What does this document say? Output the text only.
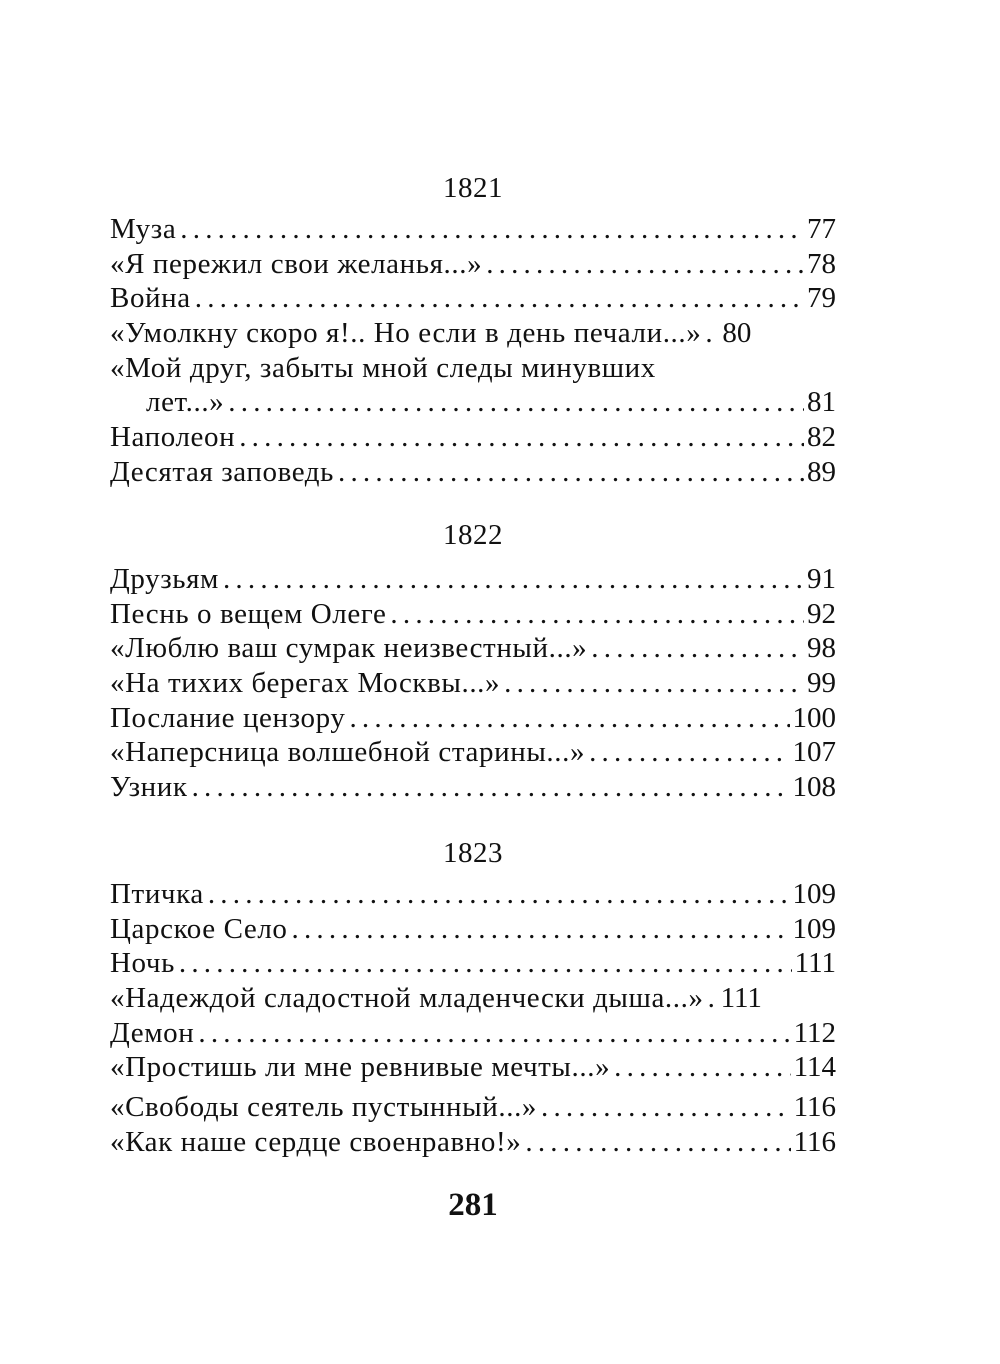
1821
Муза .....	77
«Я пережил свои желанья...» .....	78
Война .....	79
«Умолкну скоро я!.. Но если в день печали...» ..... 80
«Мой друг, забыты мной следы минувших
лет...» .....	81
Наполеон .....	82
Десятая заповедь .....	89
1822
Друзьям .....	91
Песнь о вещем Олеге .....	92
«Люблю ваш сумрак неизвестный...» .....	98
«На тихих берегах Москвы...» .....	99
Послание цензору .....	100
«Наперсница волшебной старины...» .....	107
Узник .....	108
1823
Птичка .....	109
Царское Село .....	109
Ночь .....	111
«Надеждой сладостной младенчески дыша...» ..... 111
Демон .....	112
«Простишь ли мне ревнивые мечты...» .....	114
«Свободы сеятель пустынный...» .....	116
«Как наше сердце своенравно!» .....	116
281
